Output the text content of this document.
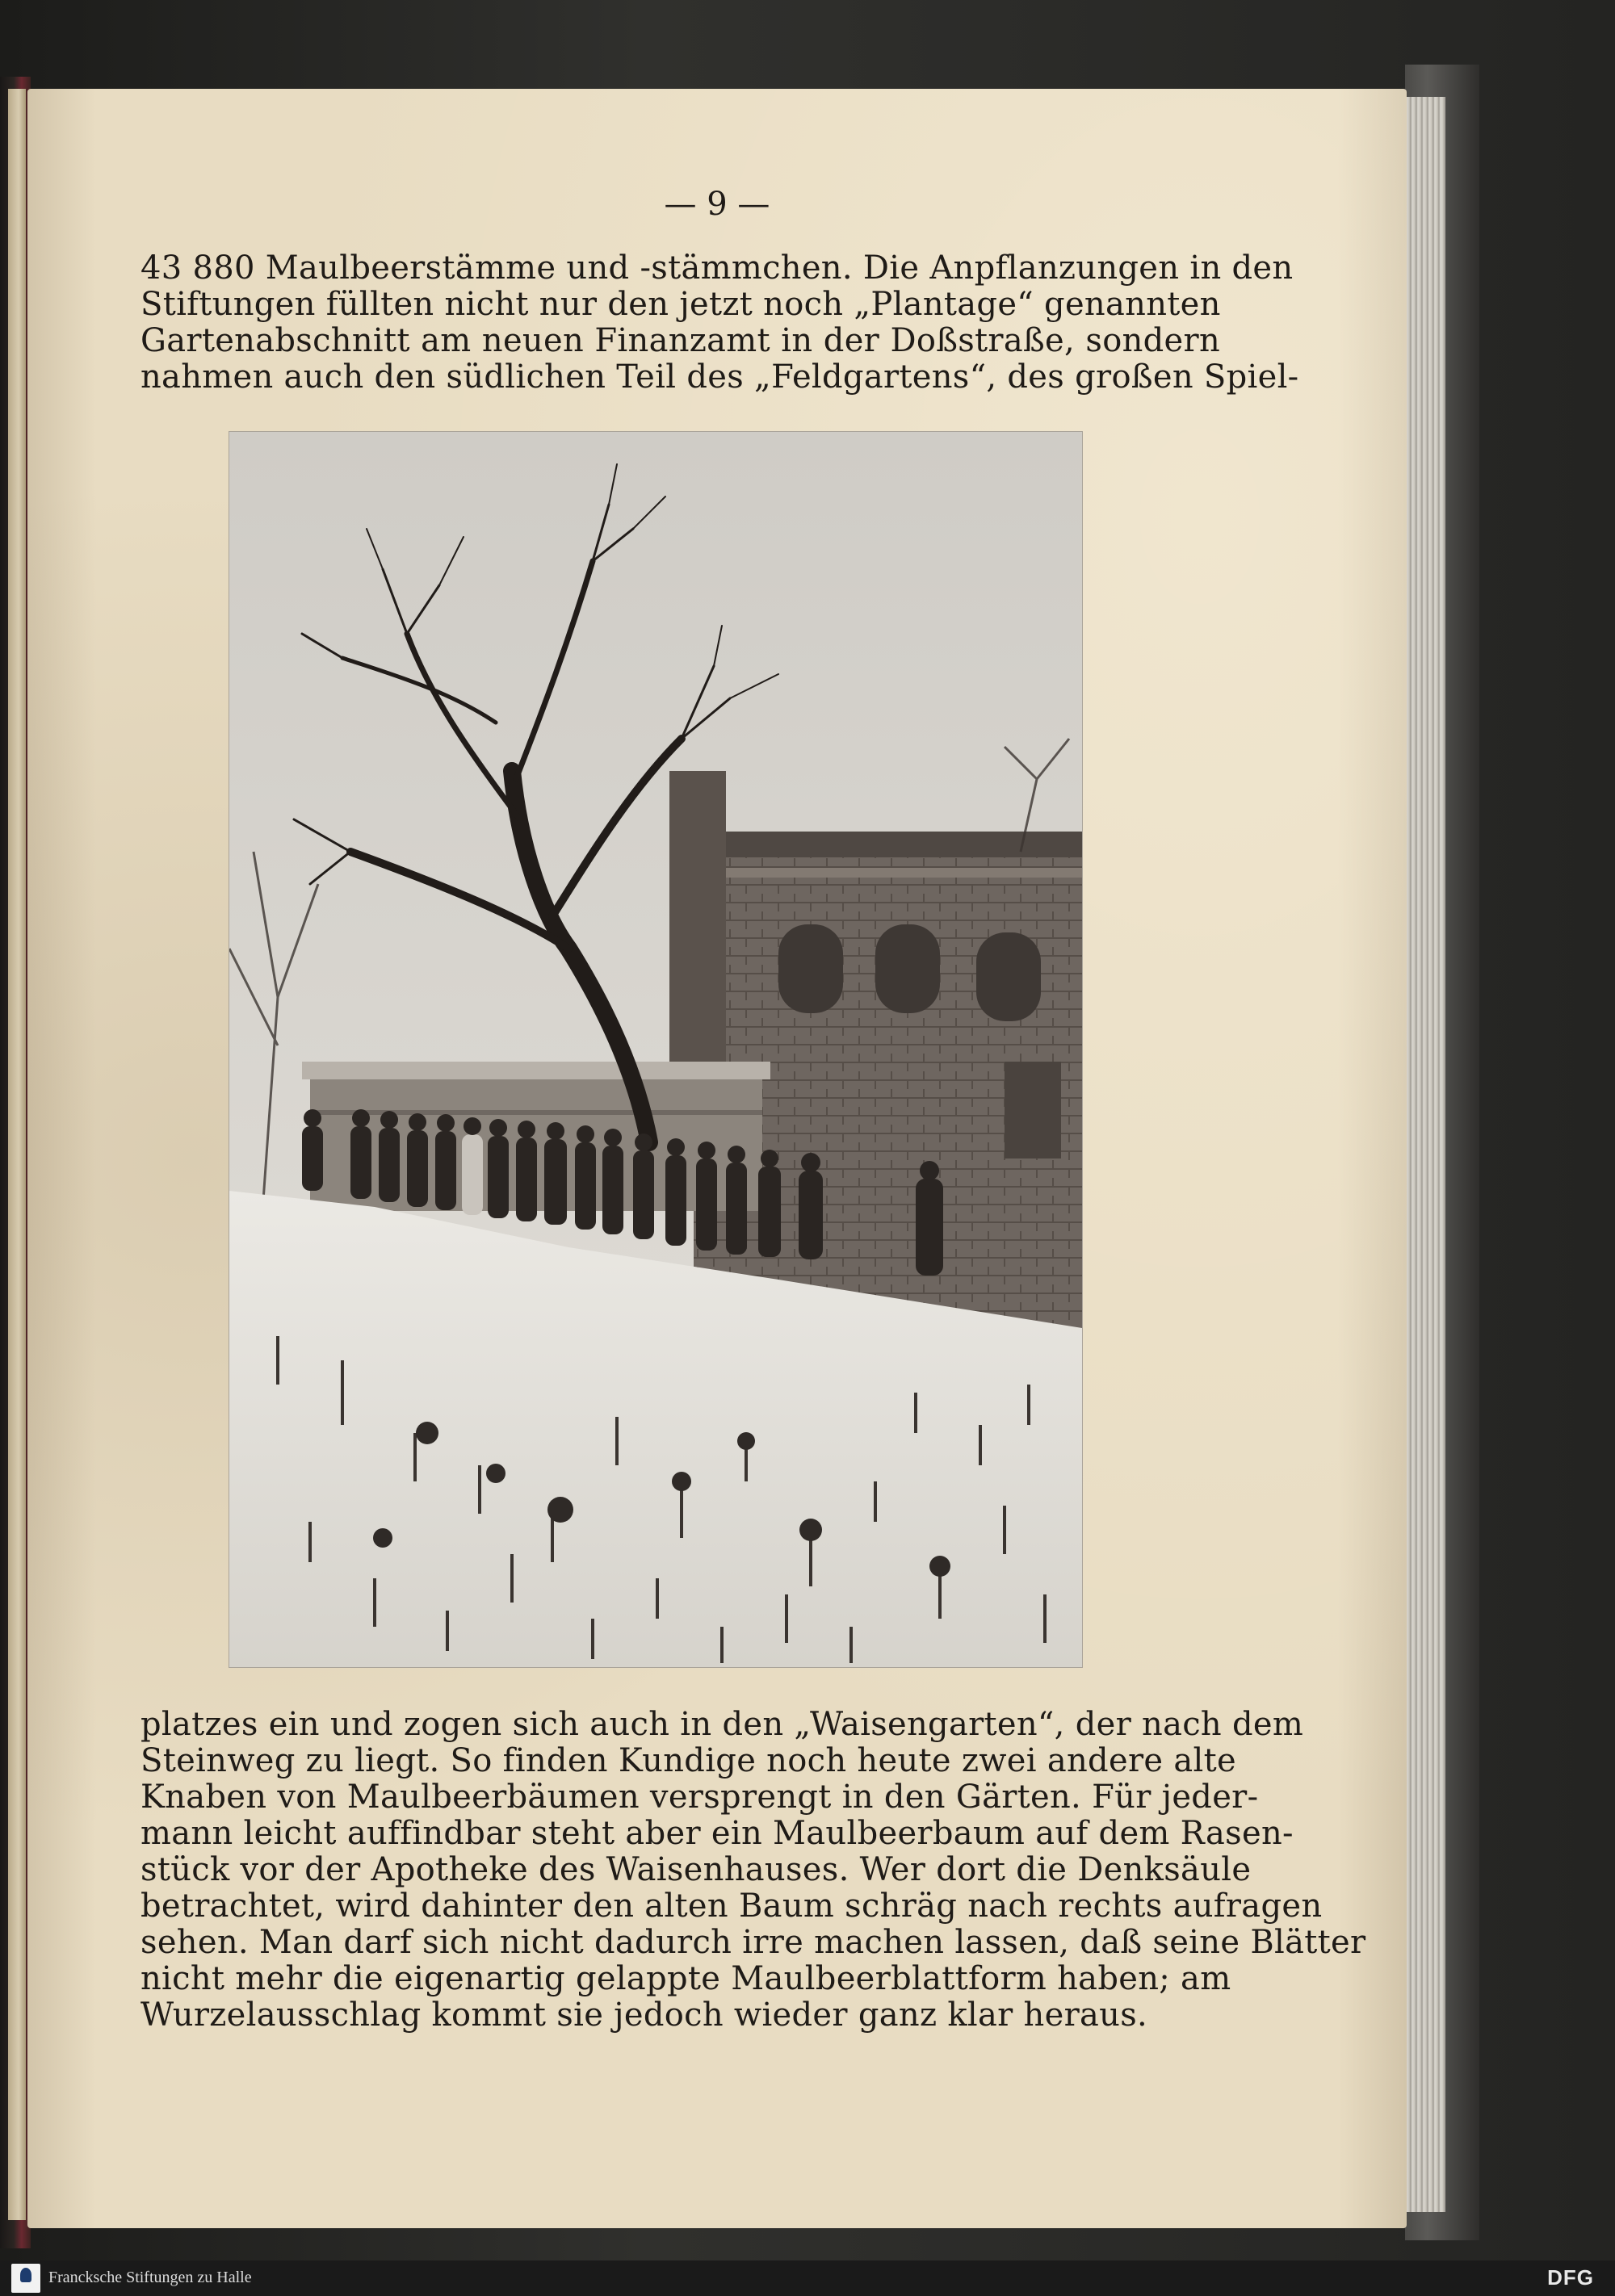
— 9 —
43 880 Maulbeerstämme und -stämmchen. Die Anpflanzungen in den
Stiftungen füllten nicht nur den jetzt noch „Plantage“ genannten
Gartenabschnitt am neuen Finanzamt in der Doßstraße, sondern
nahmen auch den südlichen Teil des „Feldgartens“, des großen Spiel-
platzes ein und zogen sich auch in den „Waisengarten“, der nach dem
Steinweg zu liegt. So finden Kundige noch heute zwei andere alte
Knaben von Maulbeerbäumen versprengt in den Gärten. Für jeder-
mann leicht auffindbar steht aber ein Maulbeerbaum auf dem Rasen-
stück vor der Apotheke des Waisenhauses. Wer dort die Denksäule
betrachtet, wird dahinter den alten Baum schräg nach rechts aufragen
sehen. Man darf sich nicht dadurch irre machen lassen, daß seine Blätter
nicht mehr die eigenartig gelappte Maulbeerblattform haben; am
Wurzelausschlag kommt sie jedoch wieder ganz klar heraus.
Francksche Stiftungen zu Halle	DFG
